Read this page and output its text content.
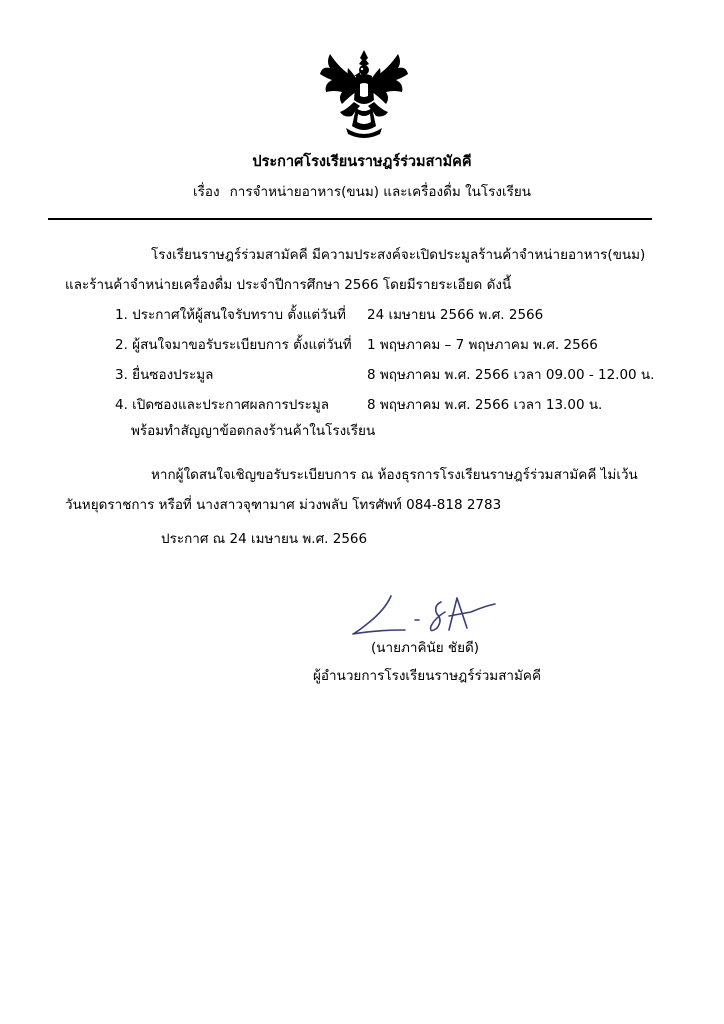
ประกาศโรงเรียนราษฎร์ร่วมสามัคคี
เรื่อง การจำหน่ายอาหาร(ขนม) และเครื่องดื่ม ในโรงเรียน
โรงเรียนราษฎร์ร่วมสามัคคี มีความประสงค์จะเปิดประมูลร้านค้าจำหน่ายอาหาร(ขนม)
และร้านค้าจำหน่ายเครื่องดื่ม ประจำปีการศึกษา 2566 โดยมีรายระเอียด ดังนี้
1. ประกาศให้ผู้สนใจรับทราบ ตั้งแต่วันที่ 24 เมษายน 2566 พ.ศ. 2566
2. ผู้สนใจมาขอรับระเบียบการ ตั้งแต่วันที่ 1 พฤษภาคม – 7 พฤษภาคม พ.ศ. 2566
3. ยื่นซองประมูล	8 พฤษภาคม พ.ศ. 2566 เวลา 09.00 - 12.00 น.
4. เปิดซองและประกาศผลการประมูล	8 พฤษภาคม พ.ศ. 2566 เวลา 13.00 น.
พร้อมทำสัญญาข้อตกลงร้านค้าในโรงเรียน
หากผู้ใดสนใจเชิญขอรับระเบียบการ ณ ห้องธุรการโรงเรียนราษฎร์ร่วมสามัคคี ไม่เว้น
วันหยุดราชการ หรือที่ นางสาวจุฑามาศ ม่วงพลับ โทรศัพท์ 084-818 2783
ประกาศ ณ 24 เมษายน พ.ศ. 2566
(นายภาคินัย ชัยดี)
ผู้อำนวยการโรงเรียนราษฎร์ร่วมสามัคคี
